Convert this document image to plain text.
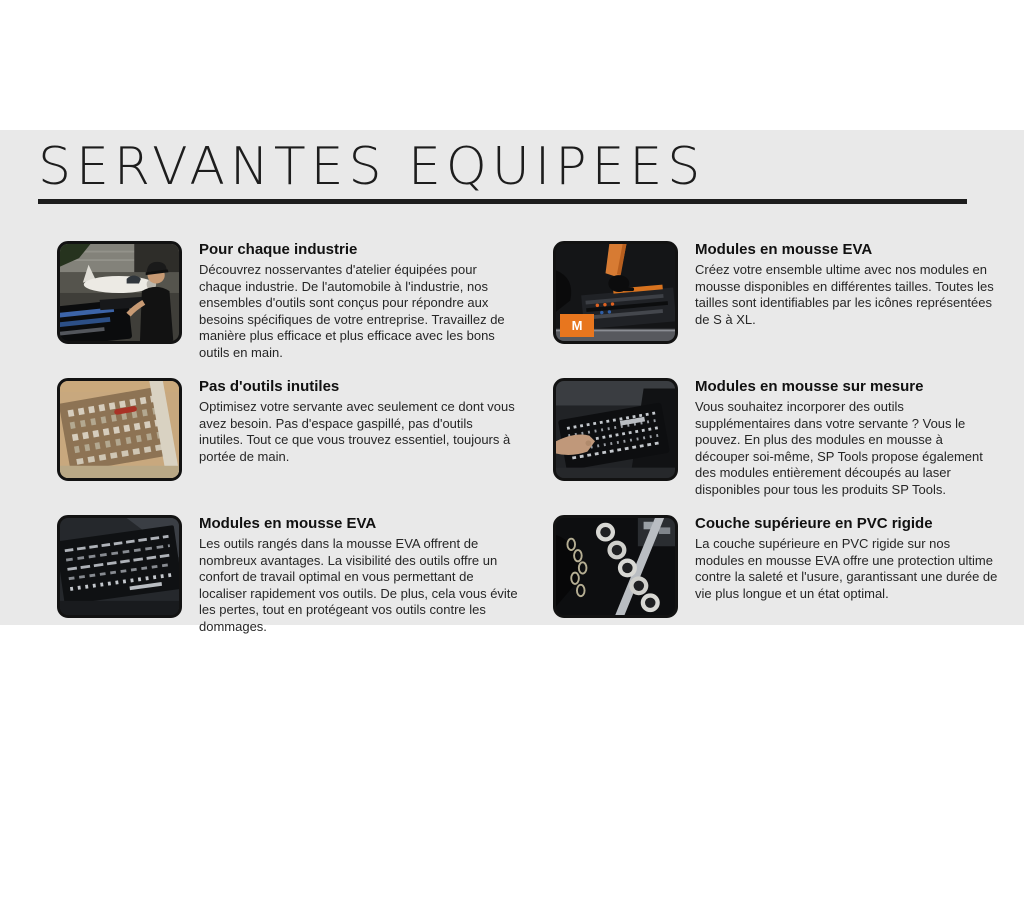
SERVANTES EQUIPEES
Pour chaque industrie

Découvrez nosservantes d'atelier équipées pour chaque industrie. De l'automobile à l'industrie, nos ensembles d'outils sont conçus pour répondre aux besoins spécifiques de votre entreprise. Travaillez de manière plus efficace et plus efficace avec les bons outils en main.

M
Modules en mousse EVA

Créez votre ensemble ultime avec nos modules en mousse disponibles en différentes tailles. Toutes les tailles sont identifiables par les icônes représentées de S à XL.

Pas d'outils inutiles

Optimisez votre servante avec seulement ce dont vous avez besoin. Pas d'espace gaspillé, pas d'outils inutiles. Tout ce que vous trouvez essentiel, toujours à portée de main.

Modules en mousse sur mesure

Vous souhaitez incorporer des outils supplémentaires dans votre servante ? Vous le pouvez. En plus des modules en mousse à découper soi-même, SP Tools propose également des modules entièrement découpés au laser disponibles pour tous les produits SP Tools.

Modules en mousse EVA

Les outils rangés dans la mousse EVA offrent de nombreux avantages. La visibilité des outils offre un confort de travail optimal en vous permettant de localiser rapidement vos outils. De plus, cela vous évite les pertes, tout en protégeant vos outils contre les dommages.

Couche supérieure en PVC rigide

La couche supérieure en PVC rigide sur nos modules en mousse EVA offre une protection ultime contre la saleté et l'usure, garantissant une durée de vie plus longue et un état optimal.
